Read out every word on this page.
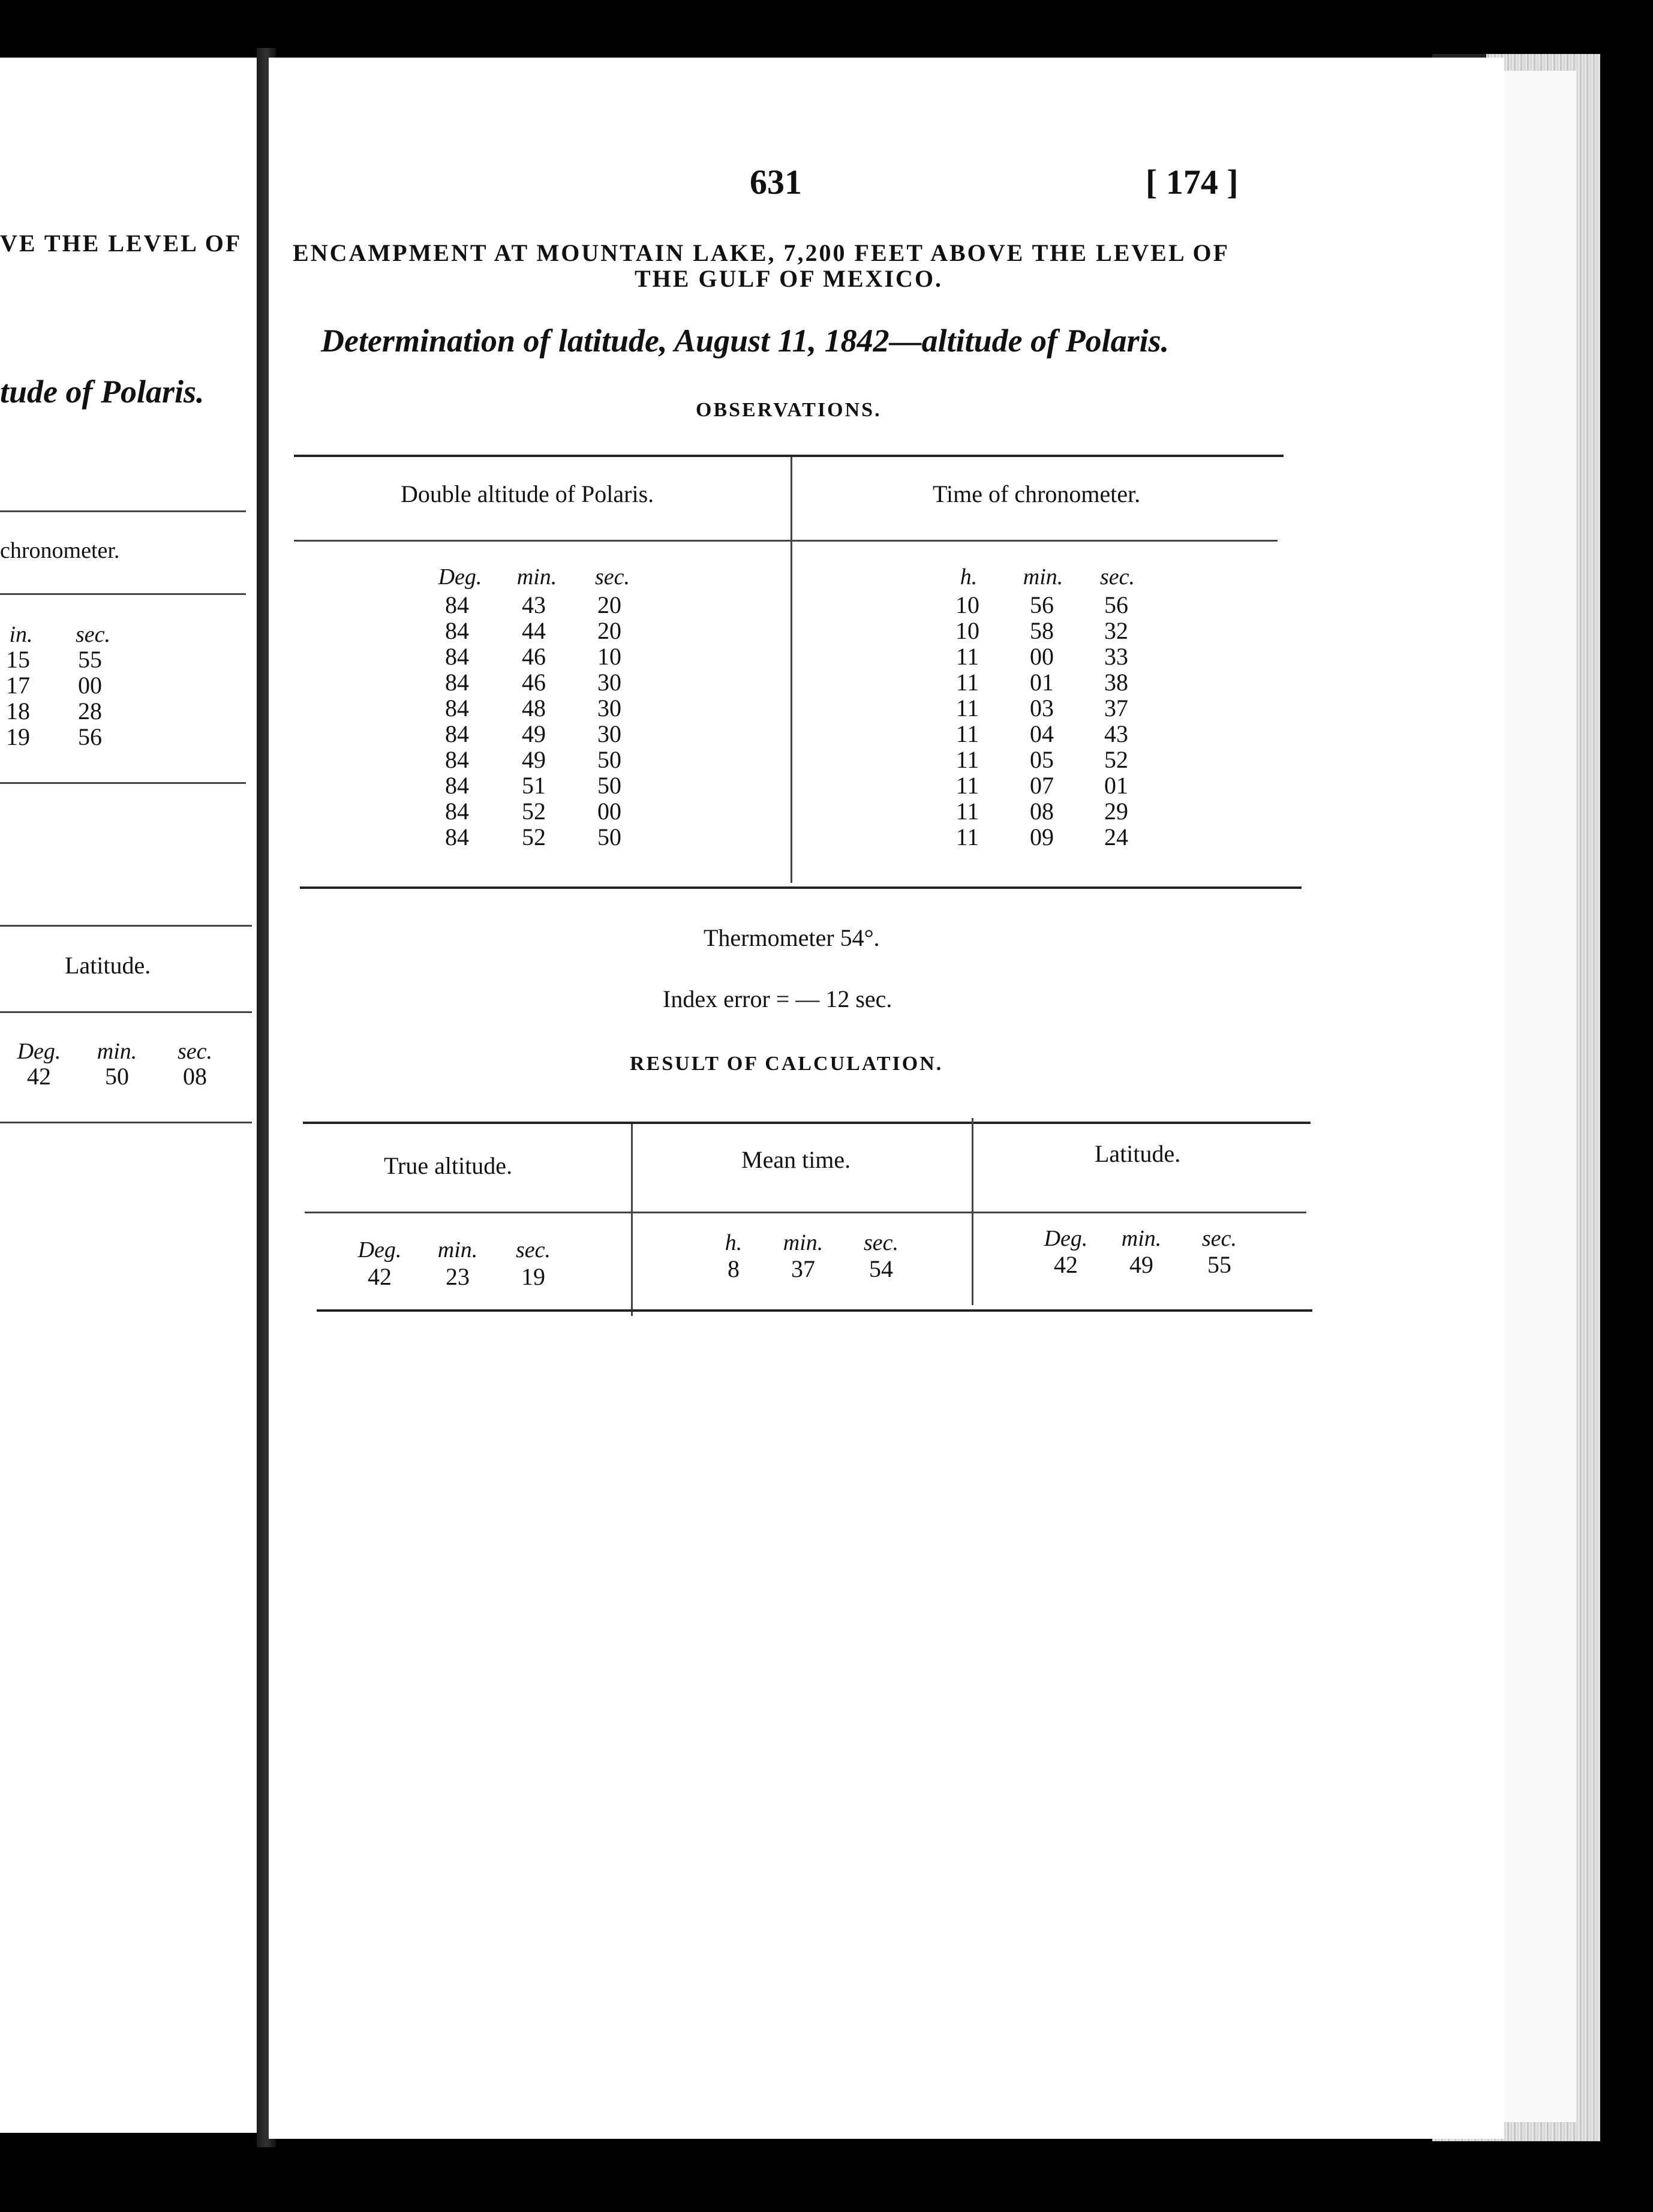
VE THE LEVEL OF
tude of Polaris.
chronometer.
in.	sec.
15	55
17	00
18	28
19	56
Latitude.
Deg.	min.	sec.
42	50	08
631	[ 174 ]
ENCAMPMENT AT MOUNTAIN LAKE, 7,200 FEET ABOVE THE LEVEL OF
THE GULF OF MEXICO.
Determination of latitude, August 11, 1842—altitude of Polaris.
OBSERVATIONS.
Double altitude of Polaris.	Time of chronometer.
Deg.	min.	sec.	h.	min.	sec.
84	43	20	10	56	56
84	44	20	10	58	32
84	46	10	11	00	33
84	46	30	11	01	38
84	48	30	11	03	37
84	49	30	11	04	43
84	49	50	11	05	52
84	51	50	11	07	01
84	52	00	11	08	29
84	52	50	11	09	24
Thermometer 54°.
Index error = — 12 sec.
RESULT OF CALCULATION.
True altitude.	Mean time.	Latitude.
Deg.	min.	sec.
42	23	19
h.	min.	sec.
8	37	54
Deg.	min.	sec.
42	49	55
